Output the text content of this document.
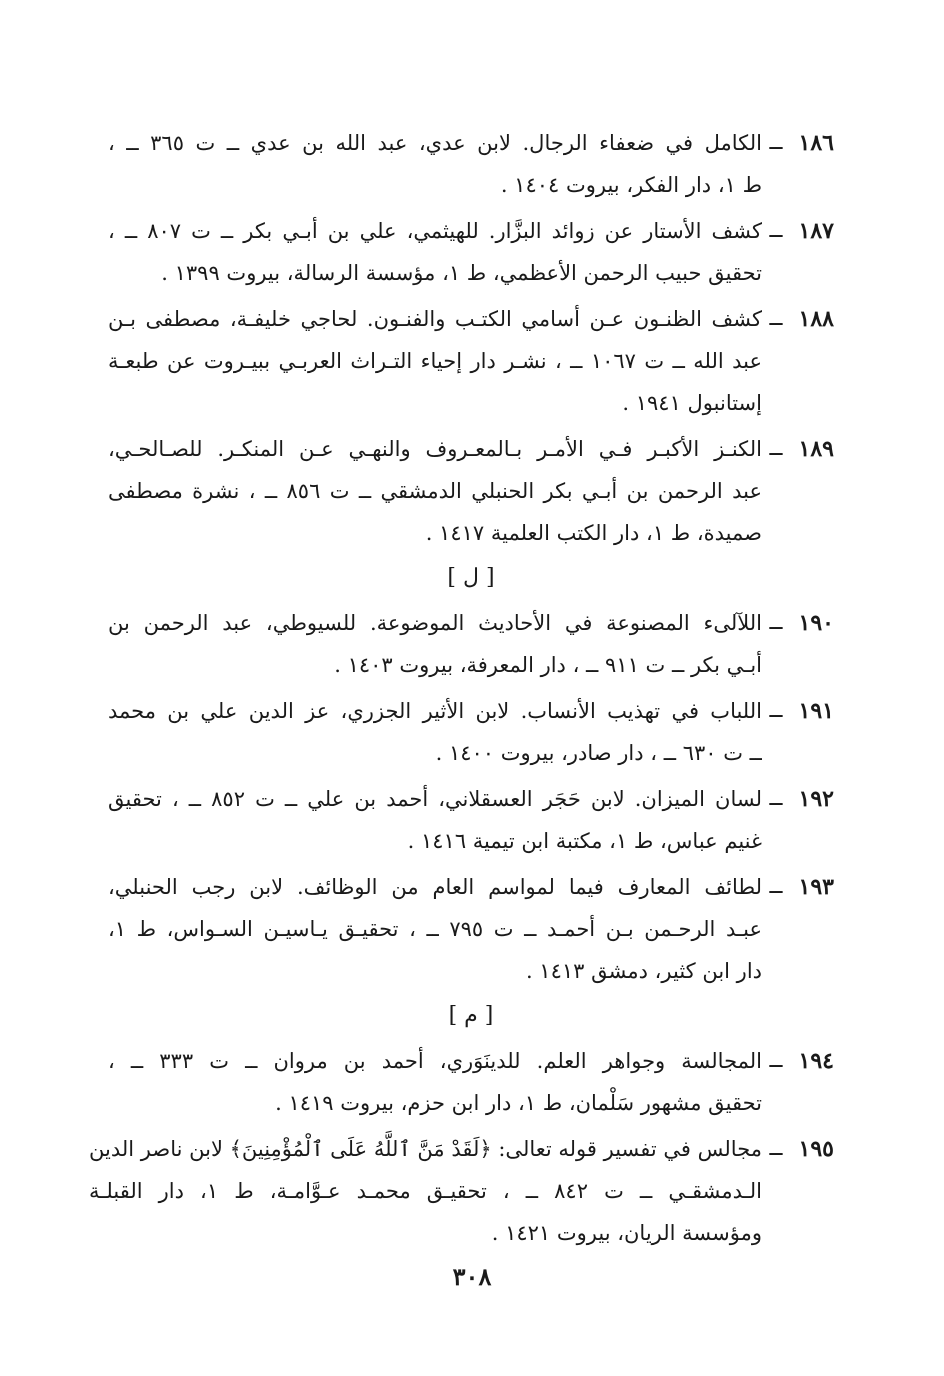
١٨٦
ــ
الكامل في ضعفاء الرجال. لابن عدي، عبد الله بن عدي ــ ت ٣٦٥ ــ ،
ط ١، دار الفكر، بيروت ١٤٠٤ .
١٨٧
ــ
كشف الأستار عن زوائد البزَّار. للهيثمي، علي بن أبـي بكر ــ ت ٨٠٧ ــ ،
تحقيق حبيب الرحمن الأعظمي، ط ١، مؤسسة الرسالة، بيروت ١٣٩٩ .
١٨٨
ــ
كشف الظنـون عـن أسامي الكتـب والفنـون. لحاجي خليفـة، مصطفى بـن
عبد الله ــ ت ١٠٦٧ ــ ، نشـر دار إحياء التـراث العربـي ببيـروت عن طبعـة
إستانبول ١٩٤١ .
١٨٩
ــ
الكنـز الأكبـر فـي الأمـر بـالمعـروف والنهـي عـن المنكـر. للصـالحـي،
عبد الرحمن بن أبـي بكر الحنبلي الدمشقي ــ ت ٨٥٦ ــ ، نشرة مصطفى
صميدة، ط ١، دار الكتب العلمية ١٤١٧ .
[ ل ]
١٩٠
ــ
اللآلىء المصنوعة في الأحاديث الموضوعة. للسيوطي، عبد الرحمن بن
أبـي بكر ــ ت ٩١١ ــ ، دار المعرفة، بيروت ١٤٠٣ .
١٩١
ــ
اللباب في تهذيب الأنساب. لابن الأثير الجزري، عز الدين علي بن محمد
ــ ت ٦٣٠ ــ ، دار صادر، بيروت ١٤٠٠ .
١٩٢
ــ
لسان الميزان. لابن حَجَر العسقلاني، أحمد بن علي ــ ت ٨٥٢ ــ ، تحقيق
غنيم عباس، ط ١، مكتبة ابن تيمية ١٤١٦ .
١٩٣
ــ
لطائف المعارف فيما لمواسم العام من الوظائف. لابن رجب الحنبلي،
عبـد الرحـمن بـن أحمـد ــ ت ٧٩٥ ــ ، تحقيـق يـاسيـن السـواس، ط ١،
دار ابن كثير، دمشق ١٤١٣ .
[ م ]
١٩٤
ــ
المجالسة وجواهر العلم. للدينَوَري، أحمد بن مروان ــ ت ٣٣٣ ــ ،
تحقيق مشهور سَلْمان، ط ١، دار ابن حزم، بيروت ١٤١٩ .
١٩٥
ــ
مجالس في تفسير قوله تعالى: ﴿لَقَدْ مَنَّ ٱللَّهُ عَلَى ٱلْمُؤْمِنِينَ﴾ لابن ناصر الدين
الـدمشقـي ــ ت ٨٤٢ ــ ، تحقيـق محمـد عـوَّامـة، ط ١، دار القبلـة
ومؤسسة الريان، بيروت ١٤٢١ .
٣٠٨
